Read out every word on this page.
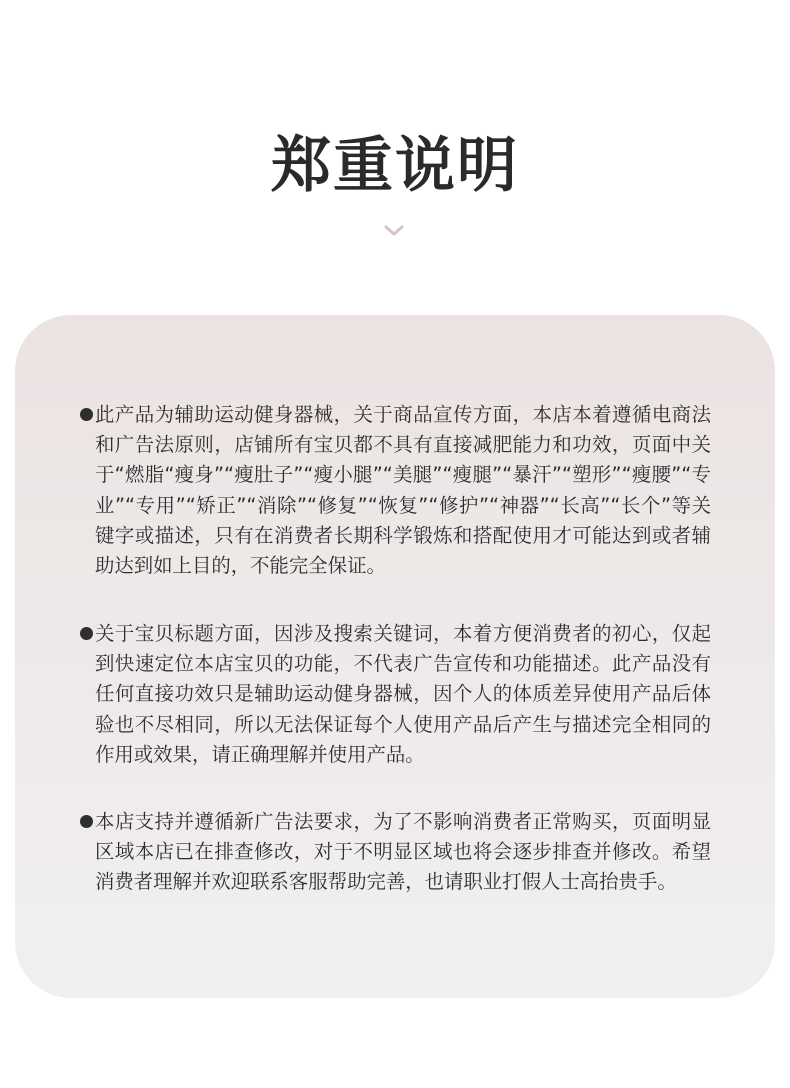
郑重说明

此产品为辅助运动健身器械，关于商品宣传方面，本店本着遵循电商法和广告法原则，店铺所有宝贝都不具有直接减肥能力和功效，页面中关于“燃脂“瘦身”“瘦肚子”“瘦小腿”“美腿”“瘦腿”“暴汗”“塑形”“瘦腰”“专业”“专用”“矫正”“消除”“修复”“恢复”“修护”“神器”“长高”“长个”等关键字或描述，只有在消费者长期科学锻炼和搭配使用才可能达到或者辅助达到如上目的，不能完全保证。

关于宝贝标题方面，因涉及搜索关键词，本着方便消费者的初心，仅起到快速定位本店宝贝的功能，不代表广告宣传和功能描述。此产品没有任何直接功效只是辅助运动健身器械，因个人的体质差异使用产品后体验也不尽相同，所以无法保证每个人使用产品后产生与描述完全相同的作用或效果，请正确理解并使用产品。

本店支持并遵循新广告法要求，为了不影响消费者正常购买，页面明显区域本店已在排查修改，对于不明显区域也将会逐步排查并修改。希望消费者理解并欢迎联系客服帮助完善，也请职业打假人士高抬贵手。
